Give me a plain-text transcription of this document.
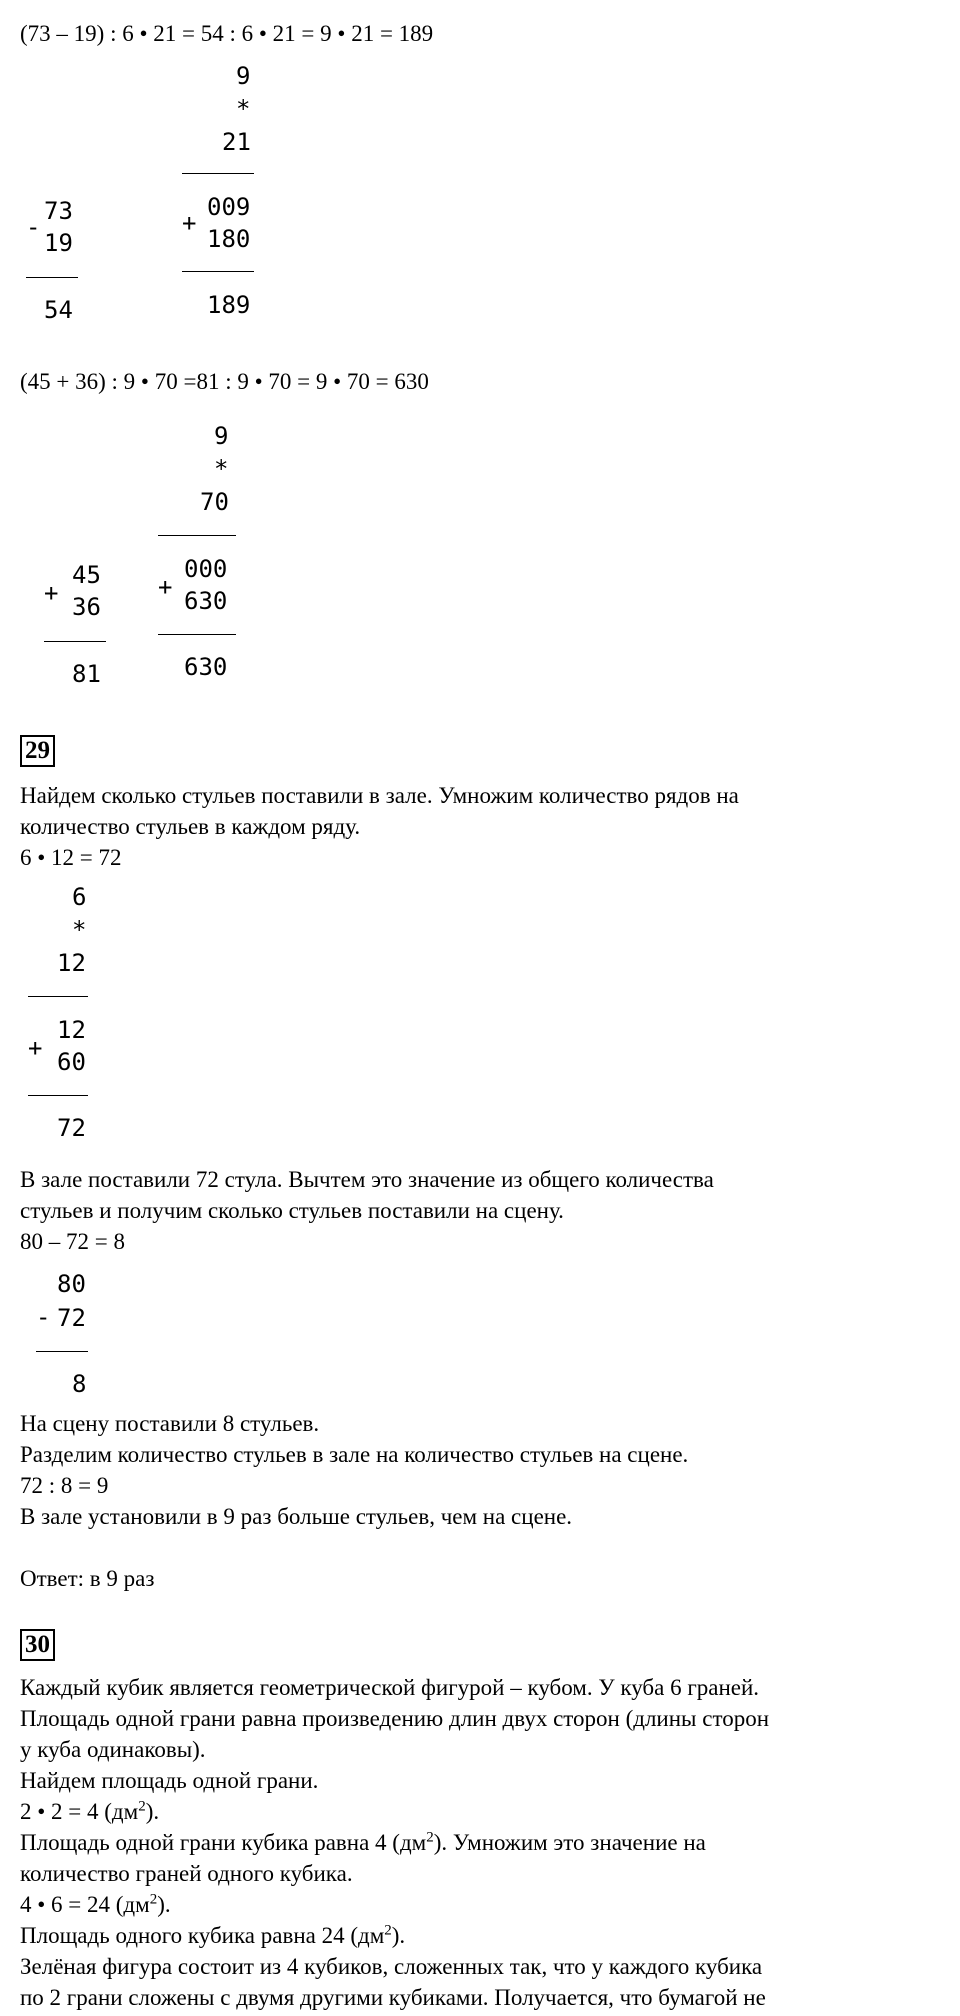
(73 – 19) : 6 • 21 = 54 : 6 • 21 = 9 • 21 = 189
9
*
21
+
009
180
189
-
73
19
54
(45 + 36) : 9 • 70 =81 : 9 • 70 = 9 • 70 = 630
9
*
70
+
000
630
630
+
45
36
81
29
Найдем сколько стульев поставили в зале. Умножим количество рядов на
количество стульев в каждом ряду.
6 • 12 = 72
6
*
12
+
12
60
72
В зале поставили 72 стула. Вычтем это значение из общего количества
стульев и получим сколько стульев поставили на сцену.
80 – 72 = 8
-
80
72
8
На сцену поставили 8 стульев.
Разделим количество стульев в зале на количество стульев на сцене.
72 : 8 = 9
В зале установили в 9 раз больше стульев, чем на сцене.
Ответ: в 9 раз
30
Каждый кубик является геометрической фигурой – кубом. У куба 6 граней.
Площадь одной грани равна произведению длин двух сторон (длины сторон
у куба одинаковы).
Найдем площадь одной грани.
2 • 2 = 4 $(дм^2)$.
Площадь одной грани кубика равна 4 $(дм^2)$. Умножим это значение на
количество граней одного кубика.
4 • 6 = 24 $(дм^2)$.
Площадь одного кубика равна 24 $(дм^2)$.
Зелёная фигура состоит из 4 кубиков, сложенных так, что у каждого кубика
по 2 грани сложены с двумя другими кубиками. Получается, что бумагой не
